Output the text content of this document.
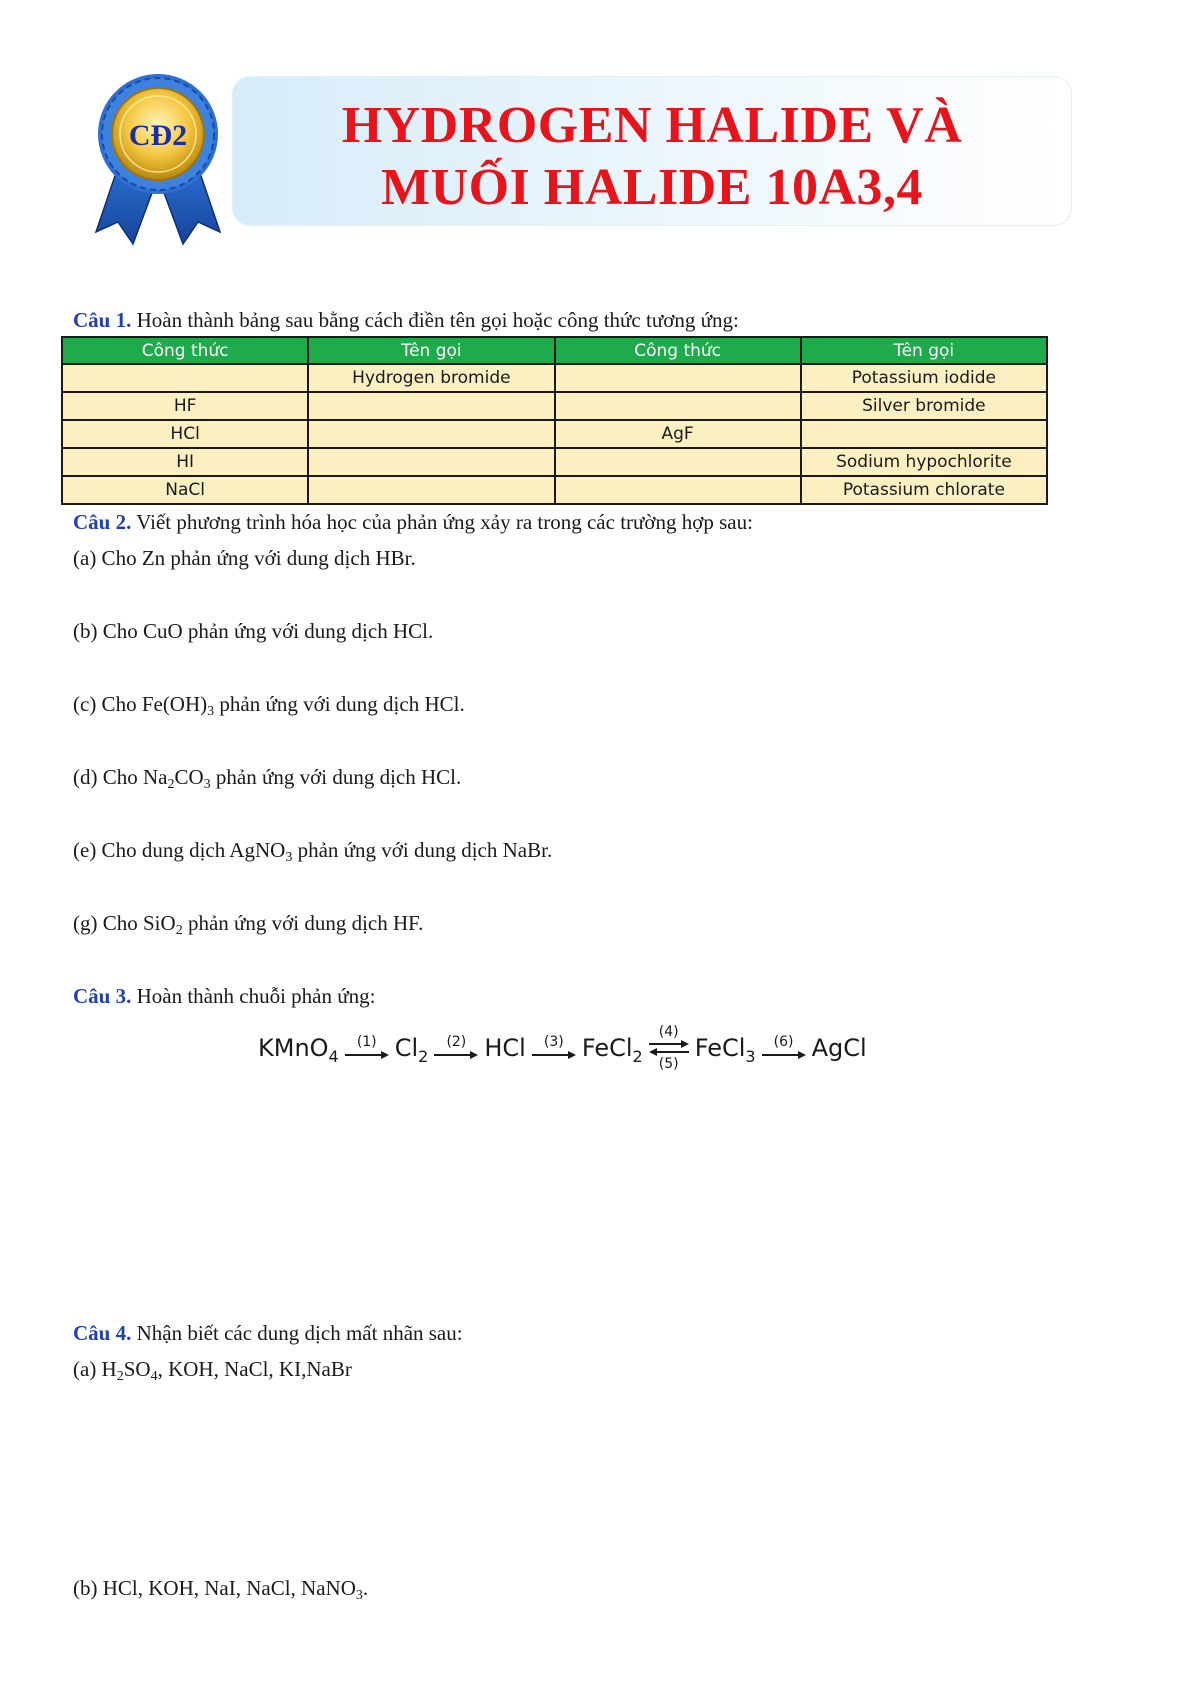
CĐ2	HYDROGEN HALIDE VÀ
MUỐI HALIDE 10A3,4
Câu 1. Hoàn thành bảng sau bằng cách điền tên gọi hoặc công thức tương ứng:
Công thức	Tên gọi	Công thức	Tên gọi
	Hydrogen bromide		Potassium iodide
HF			Silver bromide
HCl		AgF	
HI			Sodium hypochlorite
NaCl			Potassium chlorate
Câu 2. Viết phương trình hóa học của phản ứng xảy ra trong các trường hợp sau:
(a) Cho Zn phản ứng với dung dịch HBr.
(b) Cho CuO phản ứng với dung dịch HCl.
(c) Cho $Fe(OH)_3$ phản ứng với dung dịch HCl.
(d) Cho $Na_2CO_3$ phản ứng với dung dịch HCl.
(e) Cho dung dịch AgNO$_3$ phản ứng với dung dịch NaBr.
(g) Cho SiO$_2$ phản ứng với dung dịch HF.
Câu 3. Hoàn thành chuỗi phản ứng:
KMnO$_4$
(1) $Cl_2$
(2) HCl (3) FeCl$_2$
(4)
(5)
FeCl$_3$
(6) AgCl
Câu 4. Nhận biết các dung dịch mất nhãn sau:
(a) $H_2SO_4$, KOH, NaCl, KI,NaBr
(b) HCl, KOH, NaI, NaCl, NaNO$_3$.
